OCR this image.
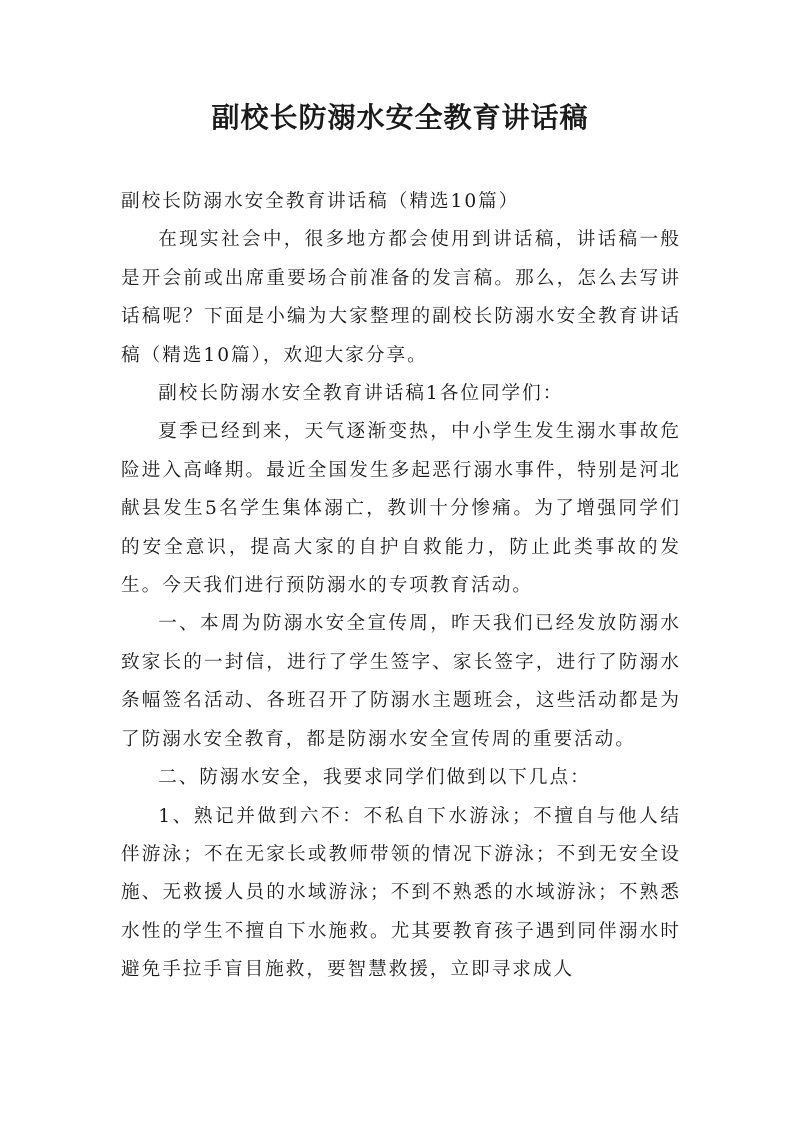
副校长防溺水安全教育讲话稿

副校长防溺水安全教育讲话稿（精选10篇）

在现实社会中，很多地方都会使用到讲话稿，讲话稿一般是开会前或出席重要场合前准备的发言稿。那么，怎么去写讲话稿呢？下面是小编为大家整理的副校长防溺水安全教育讲话稿（精选10篇），欢迎大家分享。

副校长防溺水安全教育讲话稿1各位同学们：

夏季已经到来，天气逐渐变热，中小学生发生溺水事故危险进入高峰期。最近全国发生多起恶行溺水事件，特别是河北献县发生5名学生集体溺亡，教训十分惨痛。为了增强同学们的安全意识，提高大家的自护自救能力，防止此类事故的发生。今天我们进行预防溺水的专项教育活动。

一、本周为防溺水安全宣传周，昨天我们已经发放防溺水致家长的一封信，进行了学生签字、家长签字，进行了防溺水条幅签名活动、各班召开了防溺水主题班会，这些活动都是为了防溺水安全教育，都是防溺水安全宣传周的重要活动。

二、防溺水安全，我要求同学们做到以下几点：

1、熟记并做到六不：不私自下水游泳；不擅自与他人结伴游泳；不在无家长或教师带领的情况下游泳；不到无安全设施、无救援人员的水域游泳；不到不熟悉的水域游泳；不熟悉水性的学生不擅自下水施救。尤其要教育孩子遇到同伴溺水时避免手拉手盲目施救，要智慧救援，立即寻求成人
